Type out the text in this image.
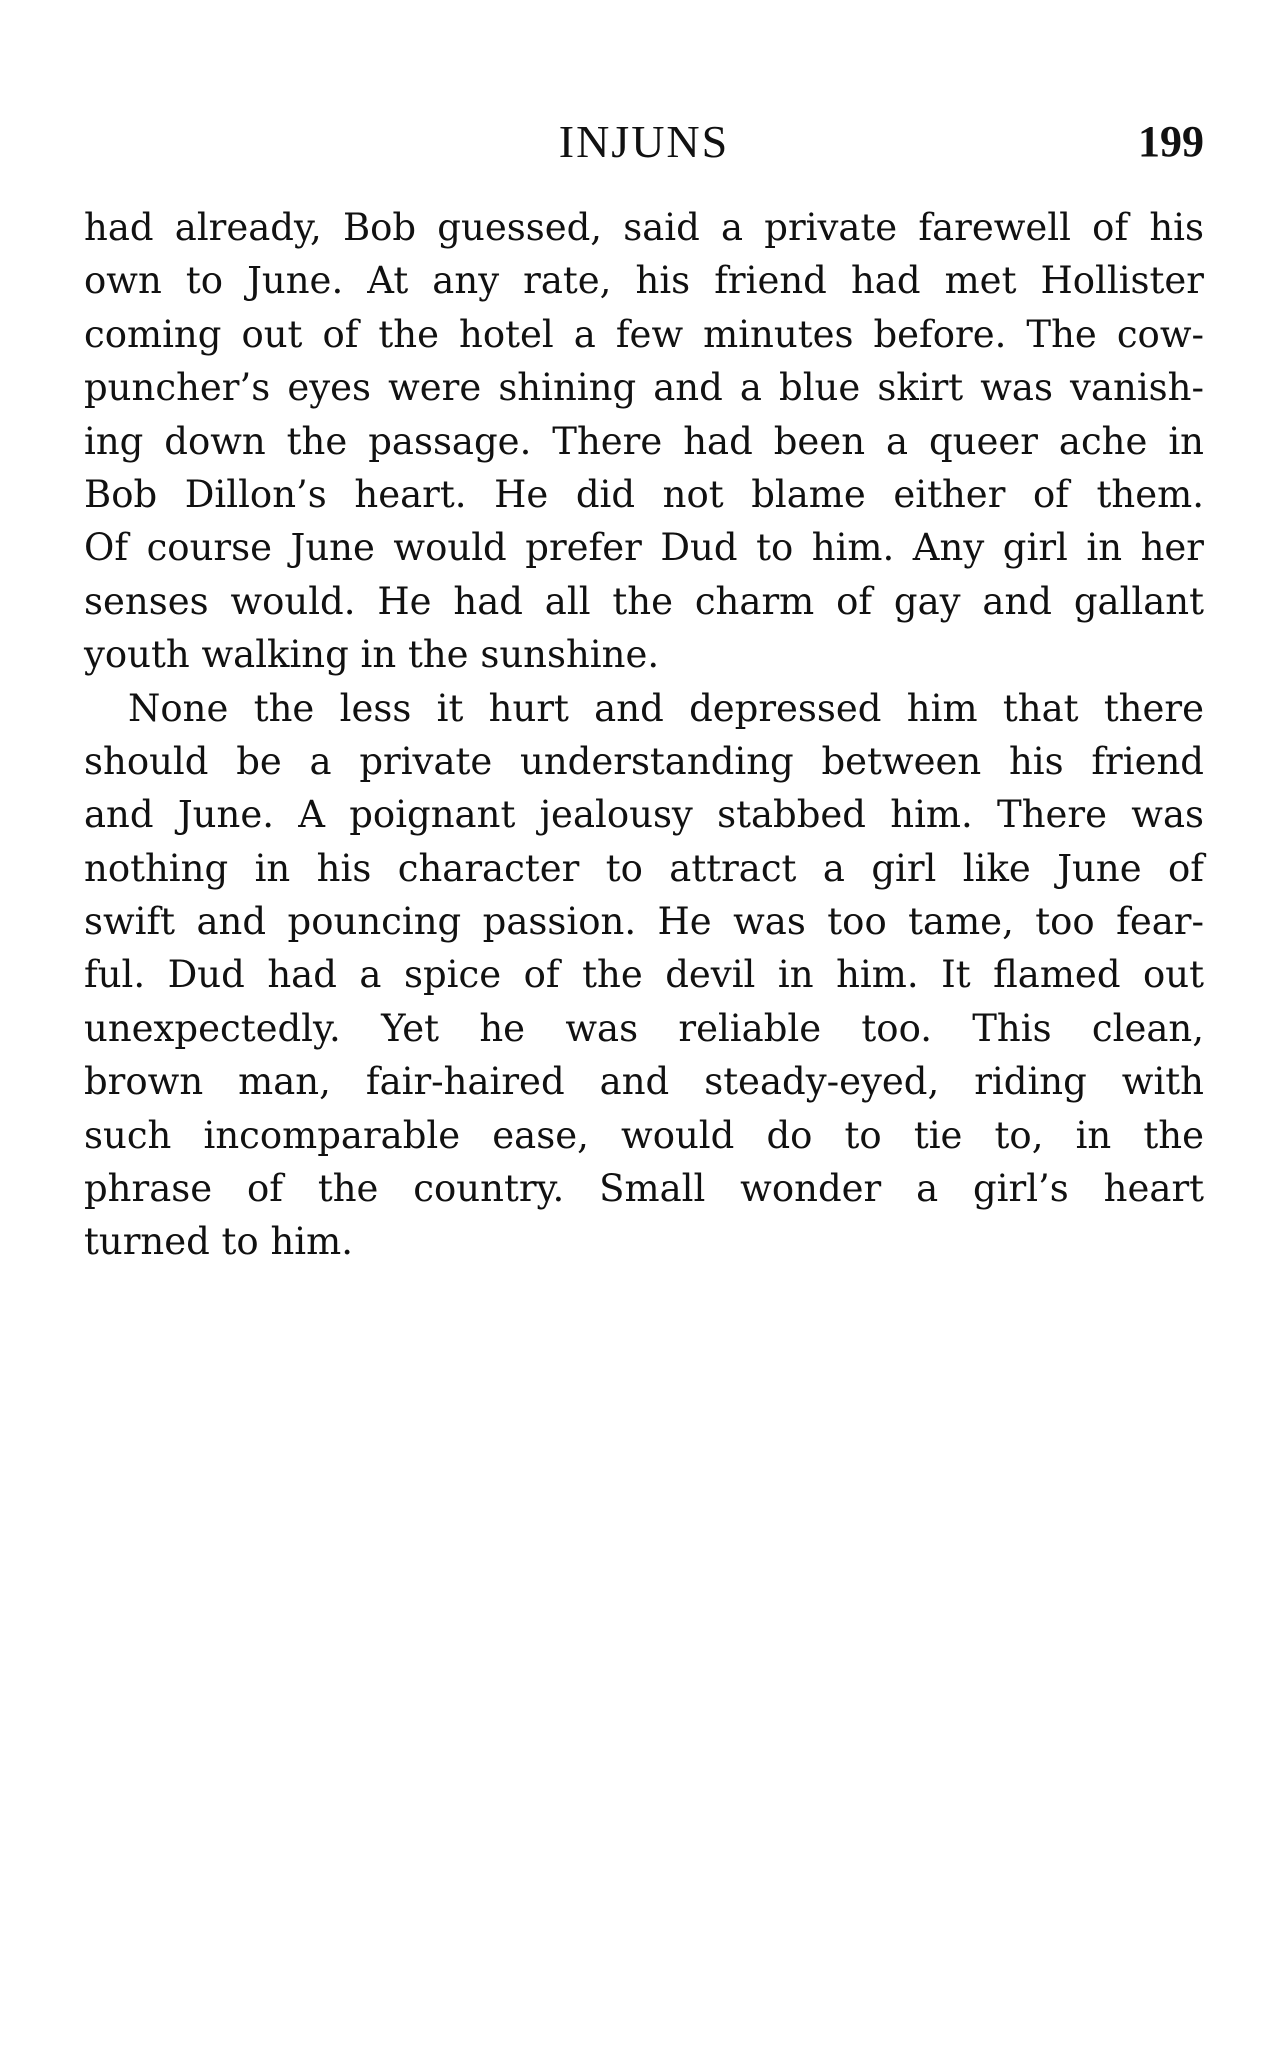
INJUNS	199
had already, Bob guessed, said a private farewell of his
own to June. At any rate, his friend had met Hollister
coming out of the hotel a few minutes before. The cow-
puncher’s eyes were shining and a blue skirt was vanish-
ing down the passage. There had been a queer ache in
Bob Dillon’s heart. He did not blame either of them.
Of course June would prefer Dud to him. Any girl in her
senses would. He had all the charm of gay and gallant
youth walking in the sunshine.
None the less it hurt and depressed him that there
should be a private understanding between his friend
and June. A poignant jealousy stabbed him. There was
nothing in his character to attract a girl like June of
swift and pouncing passion. He was too tame, too fear-
ful. Dud had a spice of the devil in him. It flamed out
unexpectedly. Yet he was reliable too. This clean,
brown man, fair-haired and steady-eyed, riding with
such incomparable ease, would do to tie to, in the
phrase of the country. Small wonder a girl’s heart
turned to him.
